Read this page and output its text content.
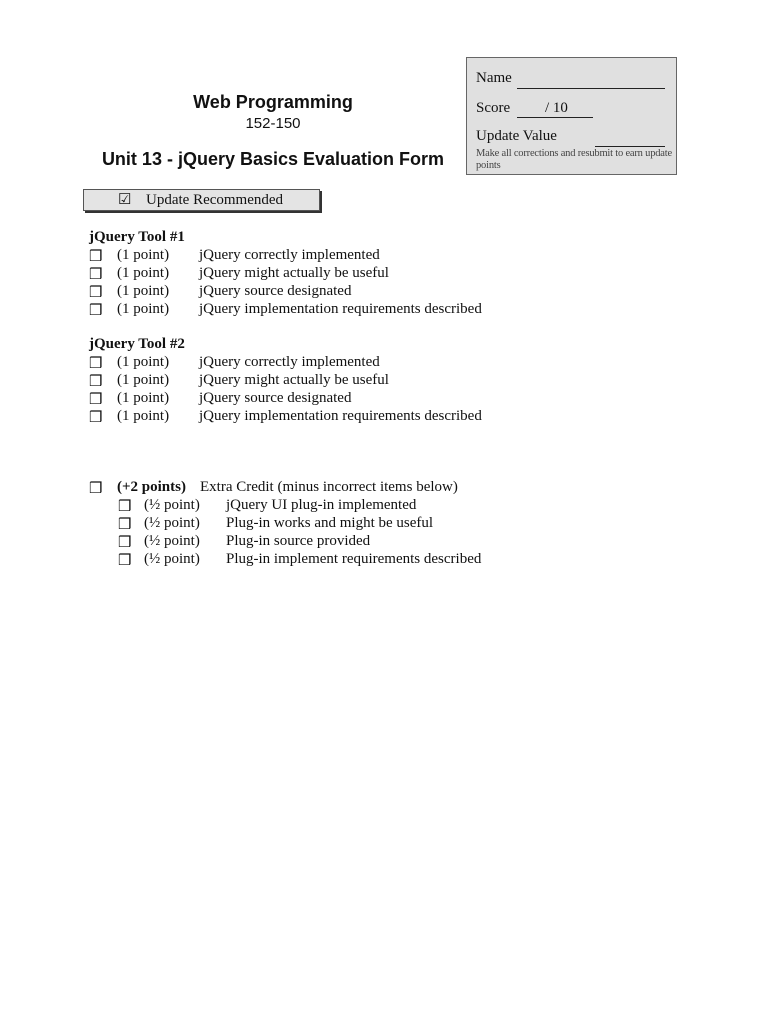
Web Programming
152-150
Unit 13 - jQuery Basics Evaluation Form
Name
Score / 10
Update Value
Make all corrections and resubmit to earn update points
☑ Update Recommended
jQuery Tool #1
❒ (1 point) jQuery correctly implemented
❒ (1 point) jQuery might actually be useful
❒ (1 point) jQuery source designated
❒ (1 point) jQuery implementation requirements described
jQuery Tool #2
❒ (1 point) jQuery correctly implemented
❒ (1 point) jQuery might actually be useful
❒ (1 point) jQuery source designated
❒ (1 point) jQuery implementation requirements described
❒ (+2 points) Extra Credit (minus incorrect items below)
❒ (½ point) jQuery UI plug-in implemented
❒ (½ point) Plug-in works and might be useful
❒ (½ point) Plug-in source provided
❒ (½ point) Plug-in implement requirements described
